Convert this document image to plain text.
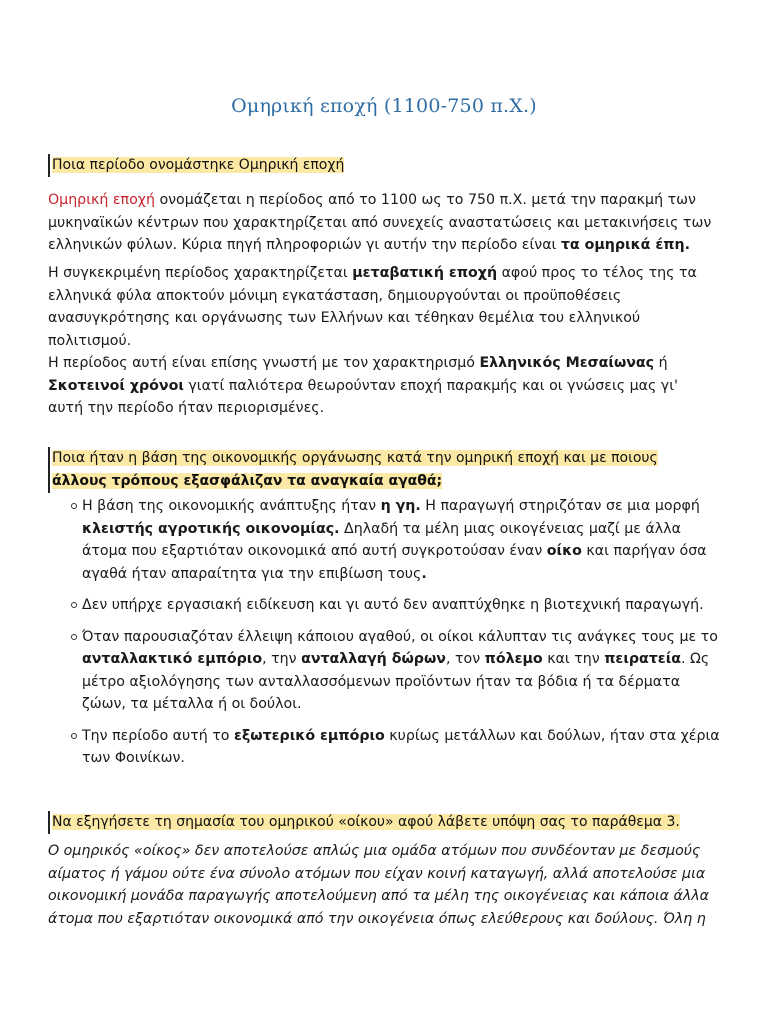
Ομηρική εποχή (1100-750 π.Χ.)
Ποια περίοδο ονομάστηκε Ομηρική εποχή

Ομηρική εποχή ονομάζεται η περίοδος από το 1100 ως το 750 π.Χ. μετά την παρακμή των μυκηναϊκών κέντρων που χαρακτηρίζεται από συνεχείς αναστατώσεις και μετακινήσεις των ελληνικών φύλων. Κύρια πηγή πληροφοριών γι αυτήν την περίοδο είναι τα ομηρικά έπη.

Η συγκεκριμένη περίοδος χαρακτηρίζεται μεταβατική εποχή αφού προς το τέλος της τα ελληνικά φύλα αποκτούν μόνιμη εγκατάσταση, δημιουργούνται οι προϋποθέσεις ανασυγκρότησης και οργάνωσης των Ελλήνων και τέθηκαν θεμέλια του ελληνικού πολιτισμού.

Η περίοδος αυτή είναι επίσης γνωστή με τον χαρακτηρισμό Ελληνικός Μεσαίωνας ή Σκοτεινοί χρόνοι γιατί παλιότερα θεωρούνταν εποχή παρακμής και οι γνώσεις μας γι' αυτή την περίοδο ήταν περιορισμένες.

Ποια ήταν η βάση της οικονομικής οργάνωσης κατά την ομηρική εποχή και με ποιους
άλλους τρόπους εξασφάλιζαν τα αναγκαία αγαθά;
Η βάση της οικονομικής ανάπτυξης ήταν η γη. Η παραγωγή στηριζόταν σε μια μορφή κλειστής αγροτικής οικονομίας. Δηλαδή τα μέλη μιας οικογένειας μαζί με άλλα άτομα που εξαρτιόταν οικονομικά από αυτή συγκροτούσαν έναν οίκο και παρήγαν όσα αγαθά ήταν απαραίτητα για την επιβίωση τους.
Δεν υπήρχε εργασιακή ειδίκευση και γι αυτό δεν αναπτύχθηκε η βιοτεχνική παραγωγή.
Όταν παρουσιαζόταν έλλειψη κάποιου αγαθού, οι οίκοι κάλυπταν τις ανάγκες τους με το ανταλλακτικό εμπόριο, την ανταλλαγή δώρων, τον πόλεμο και την πειρατεία. Ως μέτρο αξιολόγησης των ανταλλασσόμενων προϊόντων ήταν τα βόδια ή τα δέρματα ζώων, τα μέταλλα ή οι δούλοι.
Την περίοδο αυτή το εξωτερικό εμπόριο κυρίως μετάλλων και δούλων, ήταν στα χέρια των Φοινίκων.
Να εξηγήσετε τη σημασία του ομηρικού «οίκου» αφού λάβετε υπόψη σας το παράθεμα 3.

Ο ομηρικός «οίκος» δεν αποτελούσε απλώς μια ομάδα ατόμων που συνδέονταν με δεσμούς αίματος ή γάμου ούτε ένα σύνολο ατόμων που είχαν κοινή καταγωγή, αλλά αποτελούσε μια οικονομική μονάδα παραγωγής αποτελούμενη από τα μέλη της οικογένειας και κάποια άλλα άτομα που εξαρτιόταν οικονομικά από την οικογένεια όπως ελεύθερους και δούλους. Όλη η
